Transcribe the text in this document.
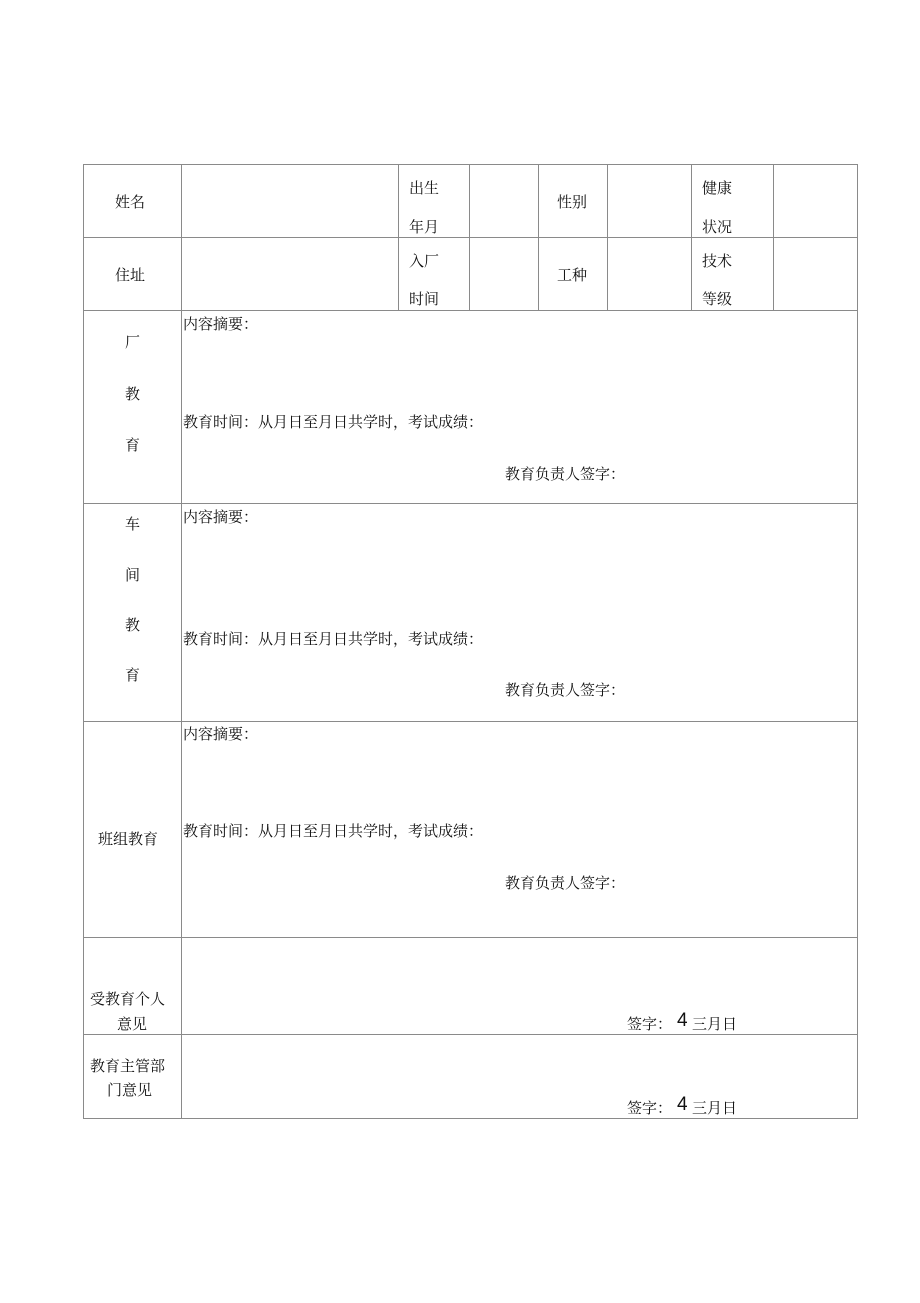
姓名
出生
年月
性别
健康
状况
住址
入厂
时间
工种
技术
等级
厂
教
育
内容摘要：
教育时间：从月日至月日共学时，考试成绩：
教育负责人签字：
车
间
教
育
内容摘要：
教育时间：从月日至月日共学时，考试成绩：
教育负责人签字：
班组教育
内容摘要：
教育时间：从月日至月日共学时，考试成绩：
教育负责人签字：
受教育个人
意见	签字： 4 三月日
教育主管部
门意见
签字： 4 三月日
